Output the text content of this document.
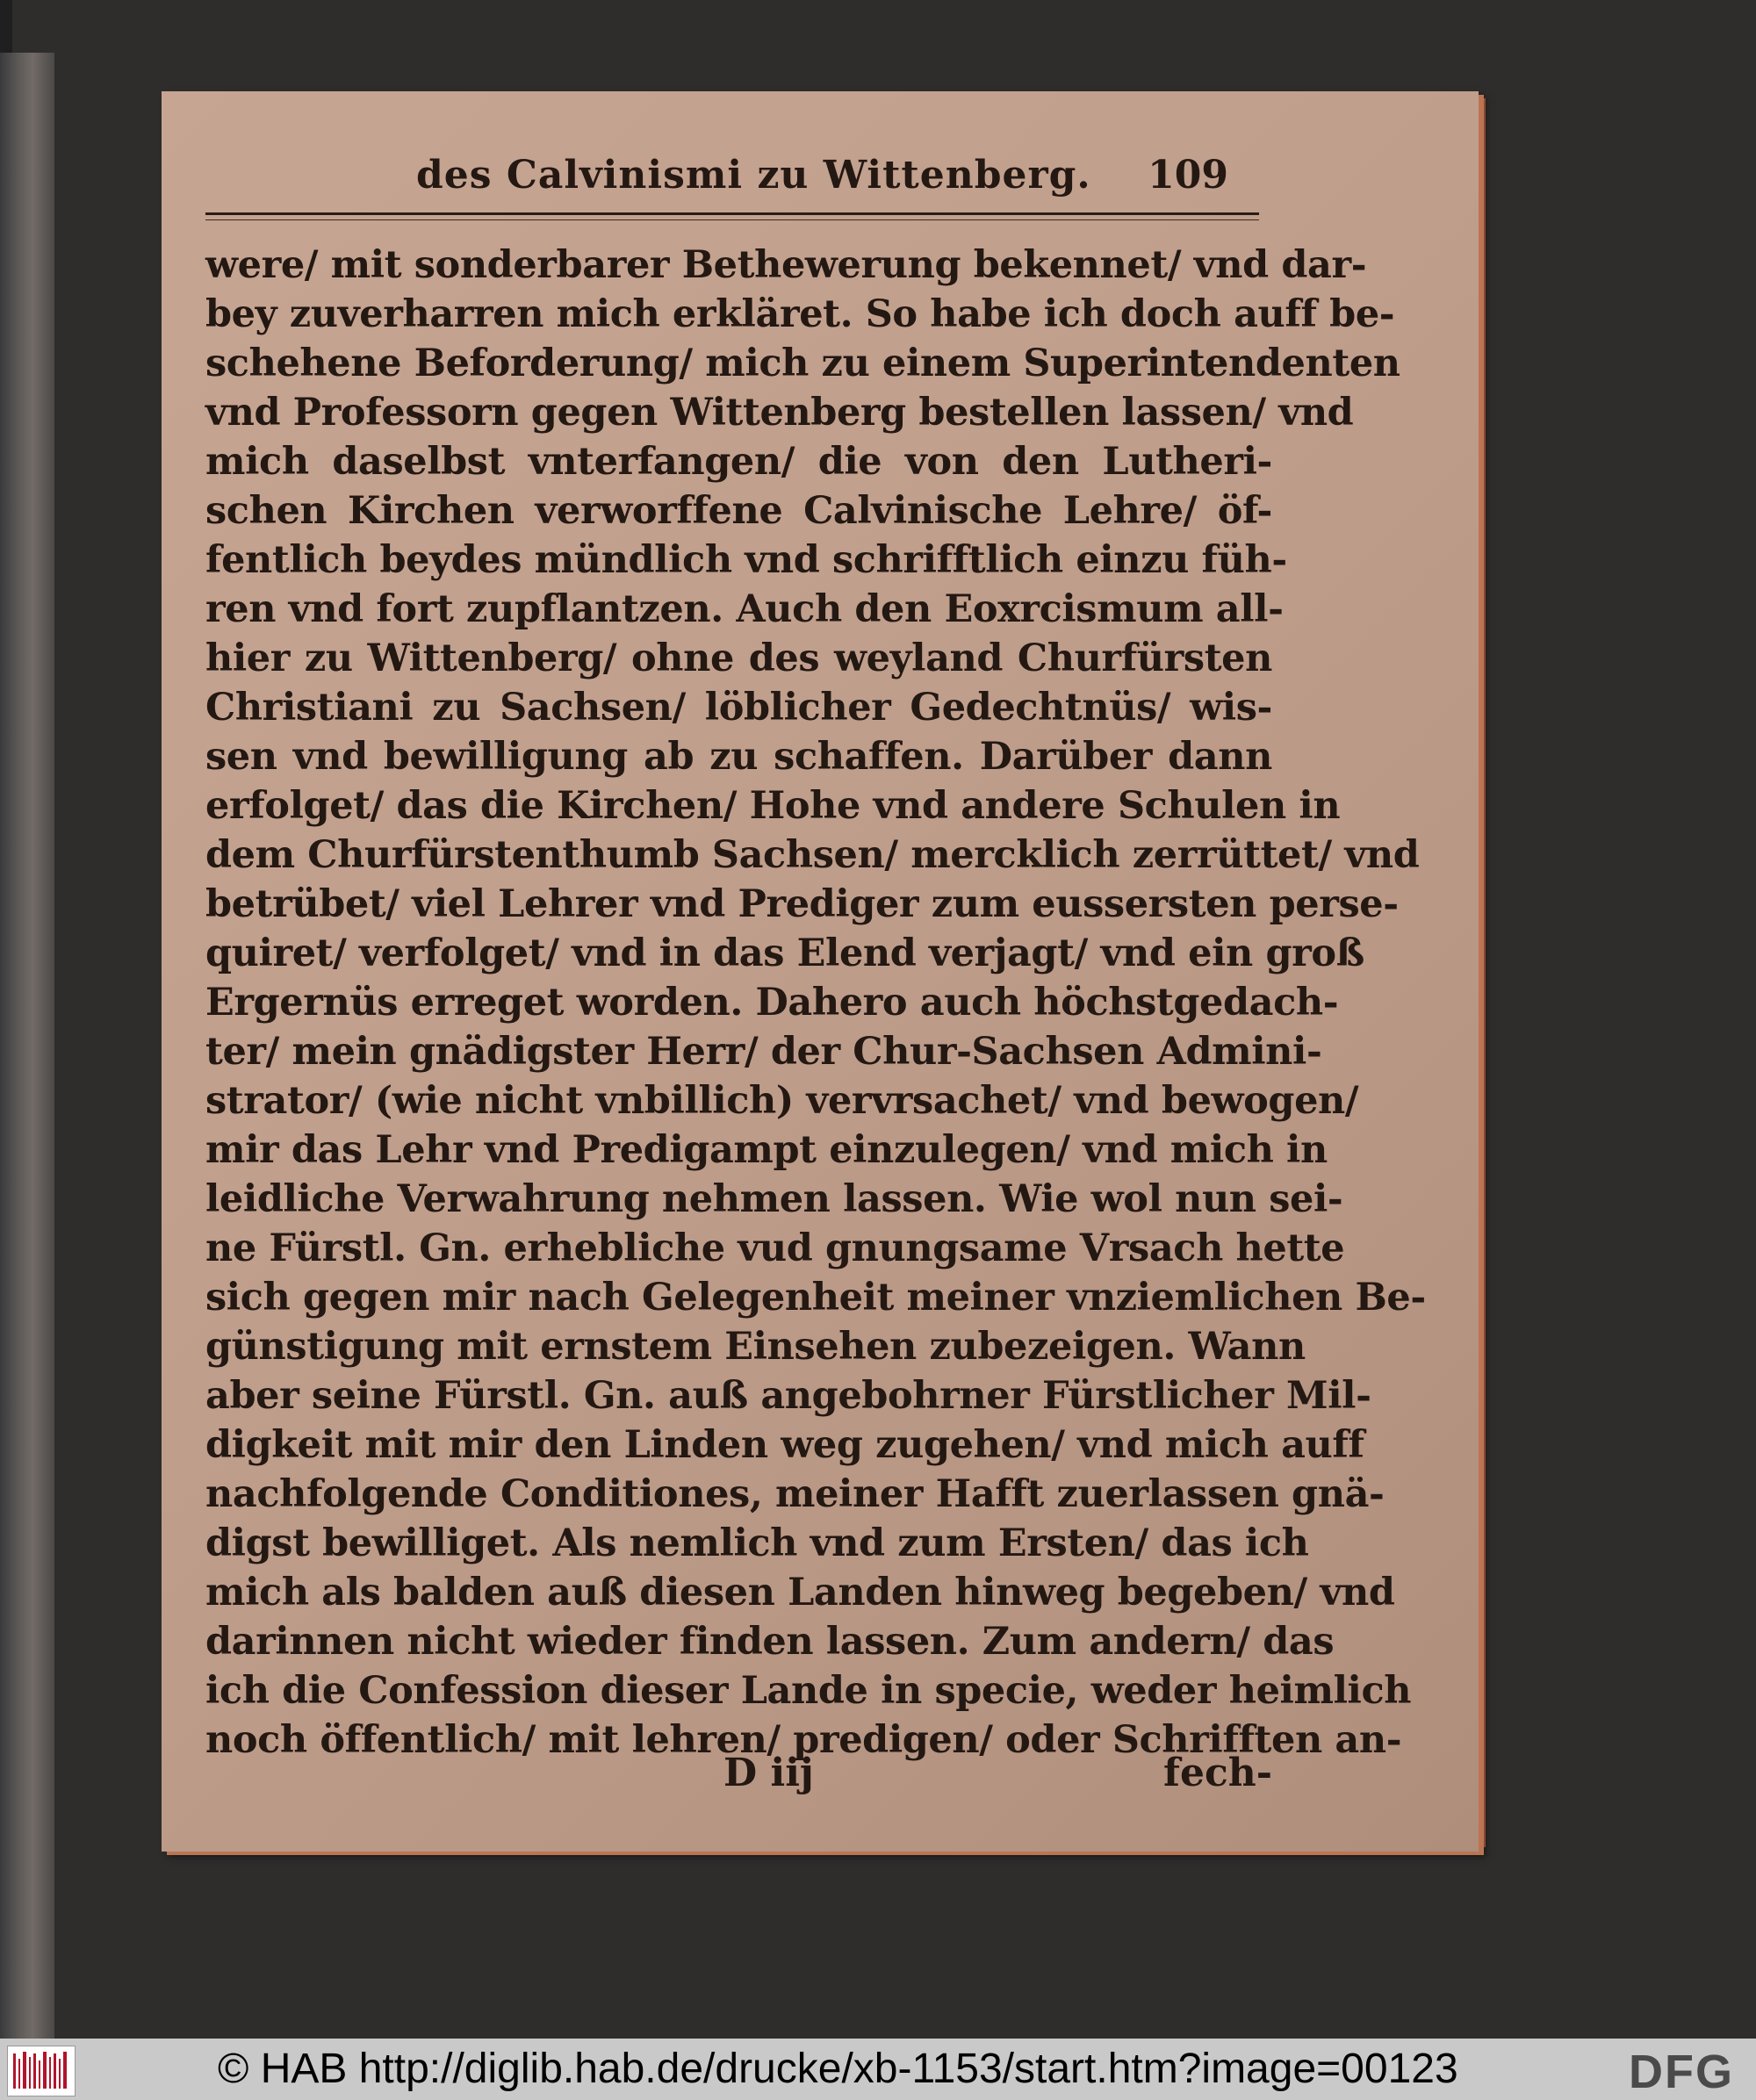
des Calvinismi zu Wittenberg.	109
were/ mit sonderbarer Bethewerung bekennet/ vnd dar-
bey zuverharren mich erkläret. So habe ich doch auff be-
schehene Beforderung/ mich zu einem Superintendenten
vnd Professorn gegen Wittenberg bestellen lassen/ vnd
mich daselbst vnterfangen/ die von den Lutheri-
schen Kirchen verworffene Calvinische Lehre/ öf-
fentlich beydes mündlich vnd schrifftlich einzu füh-
ren vnd fort zupflantzen. Auch den Eoxrcismum all-
hier zu Wittenberg/ ohne des weyland Churfürsten
Christiani zu Sachsen/ löblicher Gedechtnüs/ wis-
sen vnd bewilligung ab zu schaffen. Darüber dann
erfolget/ das die Kirchen/ Hohe vnd andere Schulen in
dem Churfürstenthumb Sachsen/ mercklich zerrüttet/ vnd
betrübet/ viel Lehrer vnd Prediger zum eussersten perse-
quiret/ verfolget/ vnd in das Elend verjagt/ vnd ein groß
Ergernüs erreget worden. Dahero auch höchstgedach-
ter/ mein gnädigster Herr/ der Chur-Sachsen Admini-
strator/ (wie nicht vnbillich) vervrsachet/ vnd bewogen/
mir das Lehr vnd Predigampt einzulegen/ vnd mich in
leidliche Verwahrung nehmen lassen. Wie wol nun sei-
ne Fürstl. Gn. erhebliche vud gnungsame Vrsach hette
sich gegen mir nach Gelegenheit meiner vnziemlichen Be-
günstigung mit ernstem Einsehen zubezeigen. Wann
aber seine Fürstl. Gn. auß angebohrner Fürstlicher Mil-
digkeit mit mir den Linden weg zugehen/ vnd mich auff
nachfolgende Conditiones, meiner Hafft zuerlassen gnä-
digst bewilliget. Als nemlich vnd zum Ersten/ das ich
mich als balden auß diesen Landen hinweg begeben/ vnd
darinnen nicht wieder finden lassen. Zum andern/ das
ich die Confession dieser Lande in specie, weder heimlich
noch öffentlich/ mit lehren/ predigen/ oder Schrifften an-
D iij	fech-
© HAB http://diglib.hab.de/drucke/xb-1153/start.htm?image=00123	DFG
